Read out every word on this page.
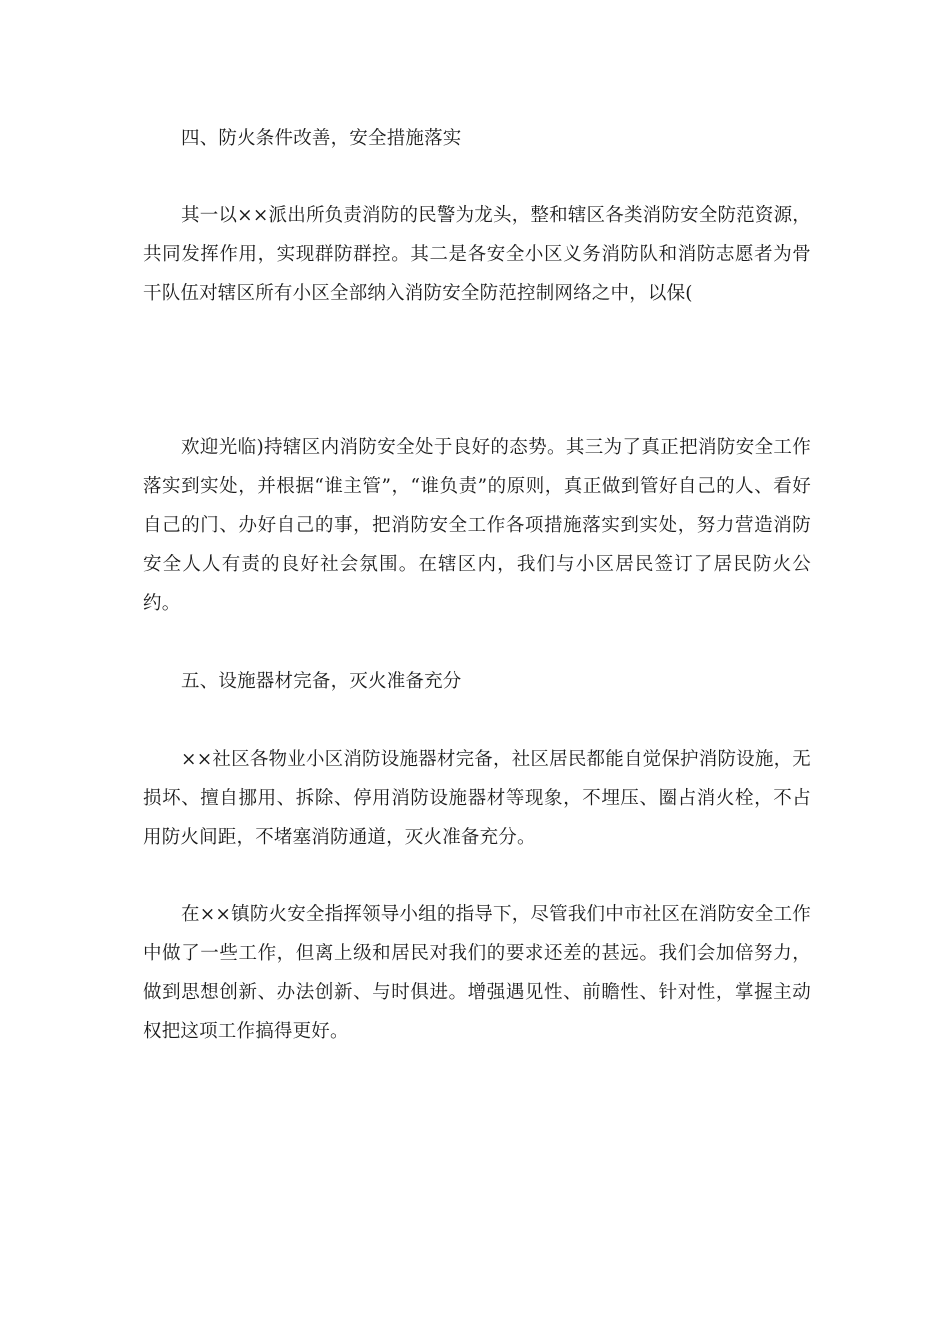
四、防火条件改善，安全措施落实

其一以××派出所负责消防的民警为龙头，整和辖区各类消防安全防范资源，共同发挥作用，实现群防群控。其二是各安全小区义务消防队和消防志愿者为骨干队伍对辖区所有小区全部纳入消防安全防范控制网络之中，以保(

欢迎光临)持辖区内消防安全处于良好的态势。其三为了真正把消防安全工作落实到实处，并根据“谁主管”，“谁负责”的原则，真正做到管好自己的人、看好自己的门、办好自己的事，把消防安全工作各项措施落实到实处，努力营造消防安全人人有责的良好社会氛围。在辖区内，我们与小区居民签订了居民防火公约。

五、设施器材完备，灭火准备充分

××社区各物业小区消防设施器材完备，社区居民都能自觉保护消防设施，无损坏、擅自挪用、拆除、停用消防设施器材等现象，不埋压、圈占消火栓，不占用防火间距，不堵塞消防通道，灭火准备充分。

在××镇防火安全指挥领导小组的指导下，尽管我们中市社区在消防安全工作中做了一些工作，但离上级和居民对我们的要求还差的甚远。我们会加倍努力，做到思想创新、办法创新、与时俱进。增强遇见性、前瞻性、针对性，掌握主动权把这项工作搞得更好。
